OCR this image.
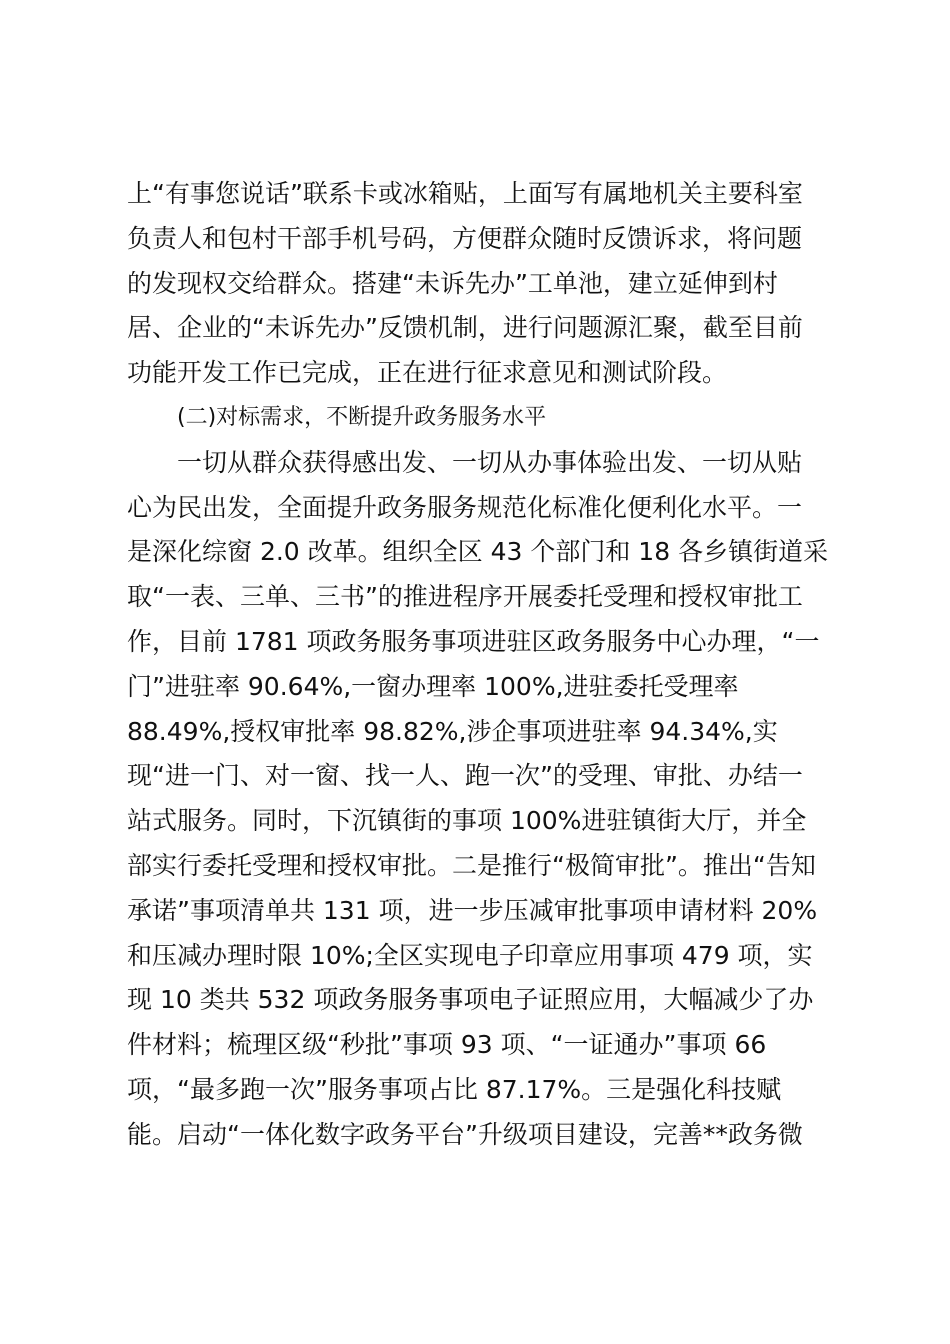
上“有事您说话”联系卡或冰箱贴，上面写有属地机关主要科室
负责人和包村干部手机号码，方便群众随时反馈诉求，将问题
的发现权交给群众。搭建“未诉先办”工单池，建立延伸到村
居、企业的“未诉先办”反馈机制，进行问题源汇聚，截至目前
功能开发工作已完成，正在进行征求意见和测试阶段。
(二)对标需求，不断提升政务服务水平
一切从群众获得感出发、一切从办事体验出发、一切从贴
心为民出发，全面提升政务服务规范化标准化便利化水平。一
是深化综窗 2.0 改革。组织全区 43 个部门和 18 各乡镇街道采
取“一表、三单、三书”的推进程序开展委托受理和授权审批工
作，目前 1781 项政务服务事项进驻区政务服务中心办理，“一
门”进驻率 90.64%,一窗办理率 100%,进驻委托受理率
88.49%,授权审批率 98.82%,涉企事项进驻率 94.34%,实
现“进一门、对一窗、找一人、跑一次”的受理、审批、办结一
站式服务。同时，下沉镇街的事项 100%进驻镇街大厅，并全
部实行委托受理和授权审批。二是推行“极简审批”。推出“告知
承诺”事项清单共 131 项，进一步压减审批事项申请材料 20%
和压减办理时限 10%;全区实现电子印章应用事项 479 项，实
现 10 类共 532 项政务服务事项电子证照应用，大幅减少了办
件材料；梳理区级“秒批”事项 93 项、“一证通办”事项 66
项，“最多跑一次”服务事项占比 87.17%。三是强化科技赋
能。启动“一体化数字政务平台”升级项目建设，完善**政务微
